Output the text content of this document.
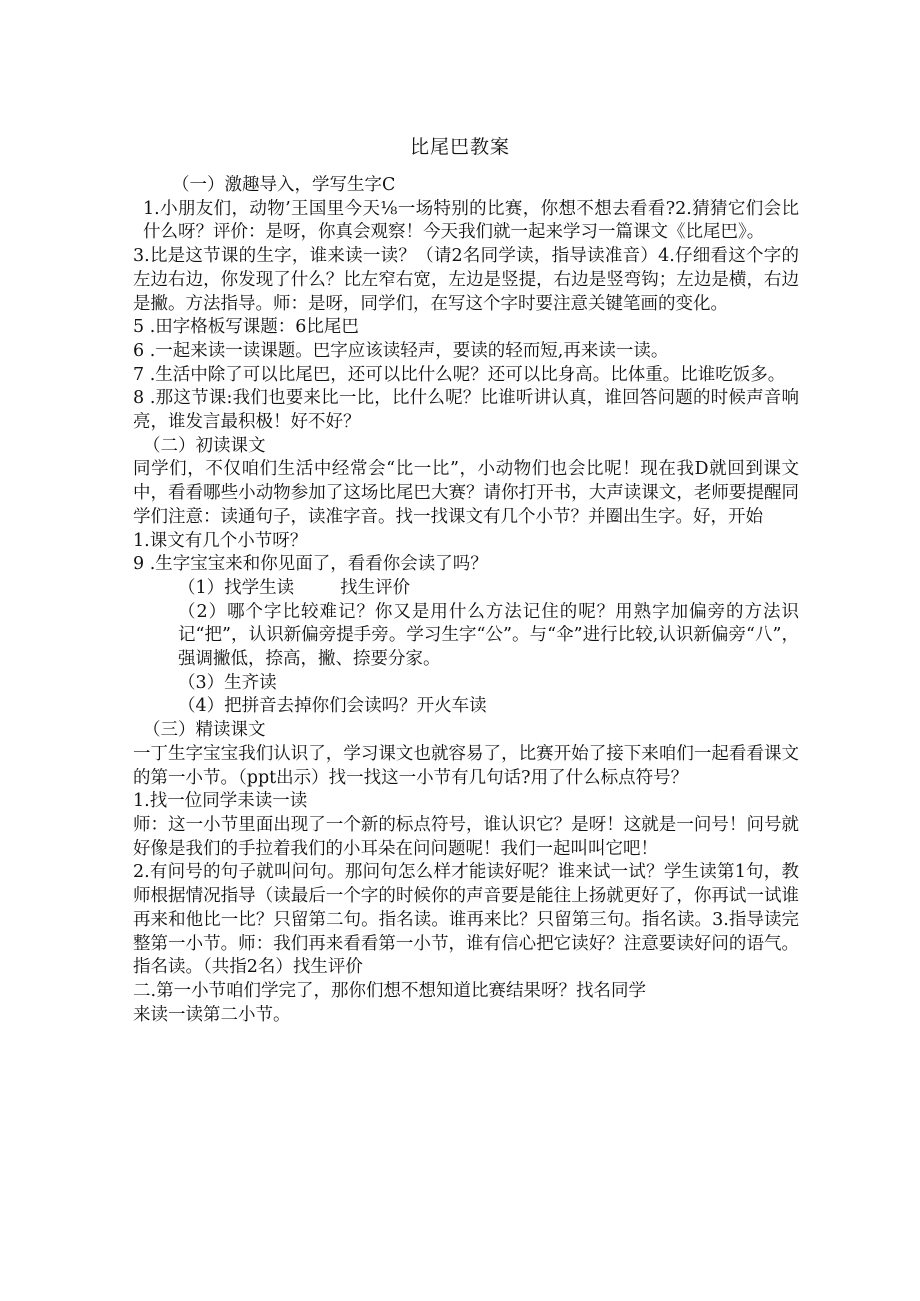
比尾巴教案

（一）激趣导入，学写生字C

1.小朋友们，动物’王国里今天⅛一场特别的比赛，你想不想去看看?2.猜猜它们会比什么呀？评价：是呀，你真会观察！今天我们就一起来学习一篇课文《比尾巴》。

3.比是这节课的生字，谁来读一读？（请2名同学读，指导读准音）4.仔细看这个字的左边右边，你发现了什么？比左窄右宽，左边是竖提，右边是竖弯钩；左边是横，右边是撇。方法指导。师：是呀，同学们，在写这个字时要注意关键笔画的变化。

5 .田字格板写课题：6比尾巴

6 .一起来读一读课题。巴字应该读轻声，要读的轻而短,再来读一读。

7 .生活中除了可以比尾巴，还可以比什么呢？还可以比身高。比体重。比谁吃饭多。

8 .那这节课:我们也要来比一比，比什么呢？比谁听讲认真，谁回答问题的时候声音响亮，谁发言最积极！好不好？

（二）初读课文

同学们，不仅咱们生活中经常会“比一比”，小动物们也会比呢！现在我D就回到课文中，看看哪些小动物参加了这场比尾巴大赛？请你打开书，大声读课文，老师要提醒同学们注意：读通句子，读准字音。找一找课文有几个小节？并圈出生字。好，开始

1.课文有几个小节呀？

9 .生字宝宝来和你见面了，看看你会读了吗？

（1）找学生读	找生评价

（2）哪个字比较难记？你又是用什么方法记住的呢？用熟字加偏旁的方法识记“把”，认识新偏旁提手旁。学习生字“公”。与“伞”进行比较,认识新偏旁“八”，强调撇低，捺高，撇、捺要分家。

（3）生齐读

（4）把拼音去掉你们会读吗？开火车读

（三）精读课文

一丁生字宝宝我们认识了，学习课文也就容易了，比赛开始了接下来咱们一起看看课文的第一小节。（ppt出示）找一找这一小节有几句话?用了什么标点符号？

1.找一位同学耒读一读

师：这一小节里面出现了一个新的标点符号，谁认识它？是呀！这就是一问号！问号就好像是我们的手拉着我们的小耳朵在问问题呢！我们一起叫叫它吧！

2.有问号的句子就叫问句。那问句怎么样才能读好呢？谁来试一试？学生读第1句，教师根据情况指导（读最后一个字的时候你的声音要是能往上扬就更好了，你再试一试谁再来和他比一比？只留第二句。指名读。谁再来比？只留第三句。指名读。3.指导读完整第一小节。师：我们再来看看第一小节，谁有信心把它读好？注意要读好问的语气。指名读。（共指2名）找生评价

二.第一小节咱们学完了，那你们想不想知道比赛结果呀？找名同学

来读一读第二小节。
